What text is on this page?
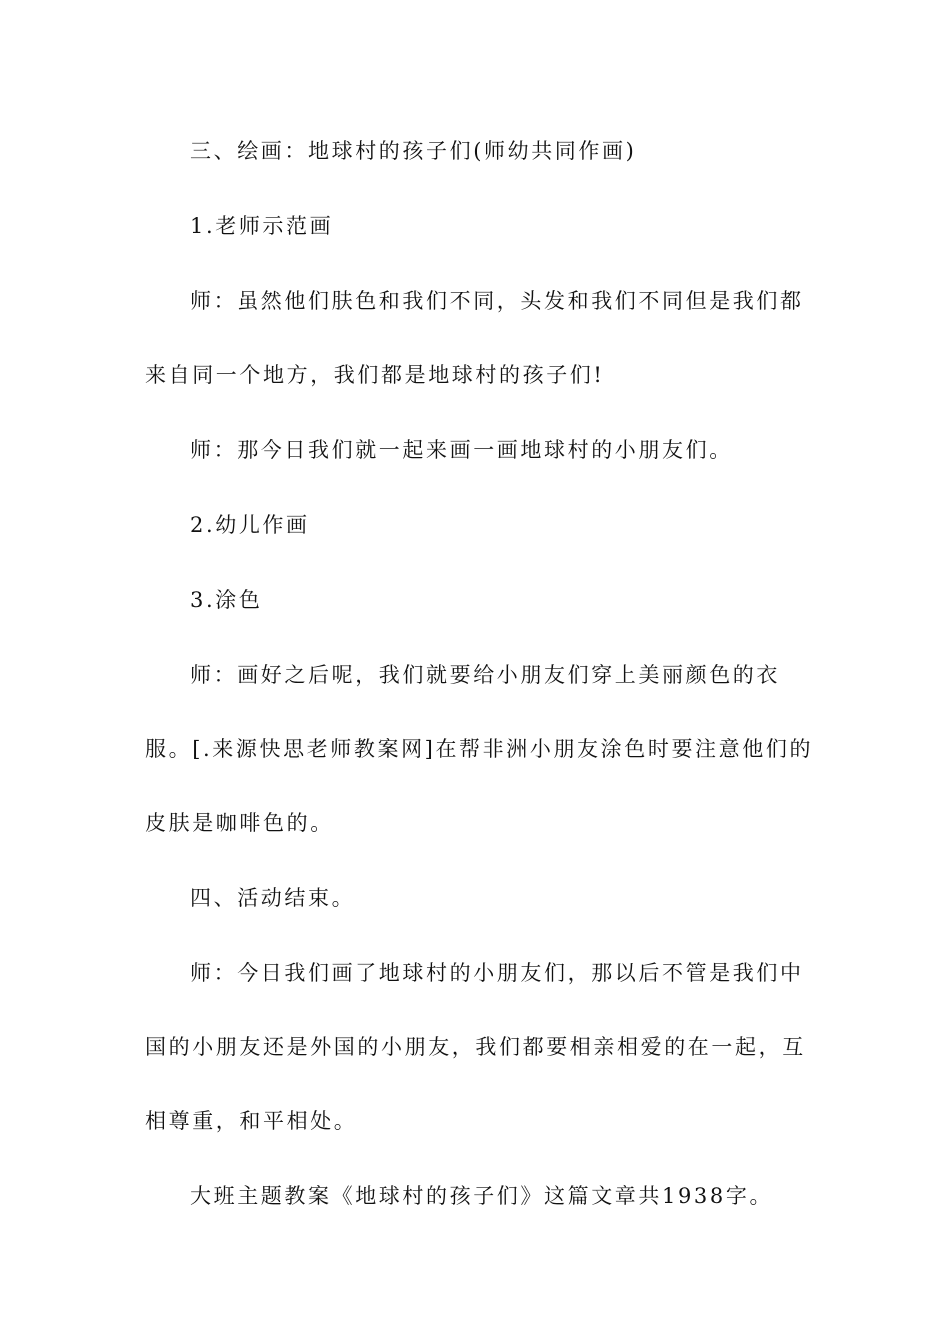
三、绘画：地球村的孩子们(师幼共同作画)

1.老师示范画

师：虽然他们肤色和我们不同，头发和我们不同但是我们都来自同一个地方，我们都是地球村的孩子们!

师：那今日我们就一起来画一画地球村的小朋友们。

2.幼儿作画

3.涂色

师：画好之后呢，我们就要给小朋友们穿上美丽颜色的衣服。[.来源快思老师教案网]在帮非洲小朋友涂色时要注意他们的皮肤是咖啡色的。

四、活动结束。

师：今日我们画了地球村的小朋友们，那以后不管是我们中国的小朋友还是外国的小朋友，我们都要相亲相爱的在一起，互相尊重，和平相处。

大班主题教案《地球村的孩子们》这篇文章共1938字。
